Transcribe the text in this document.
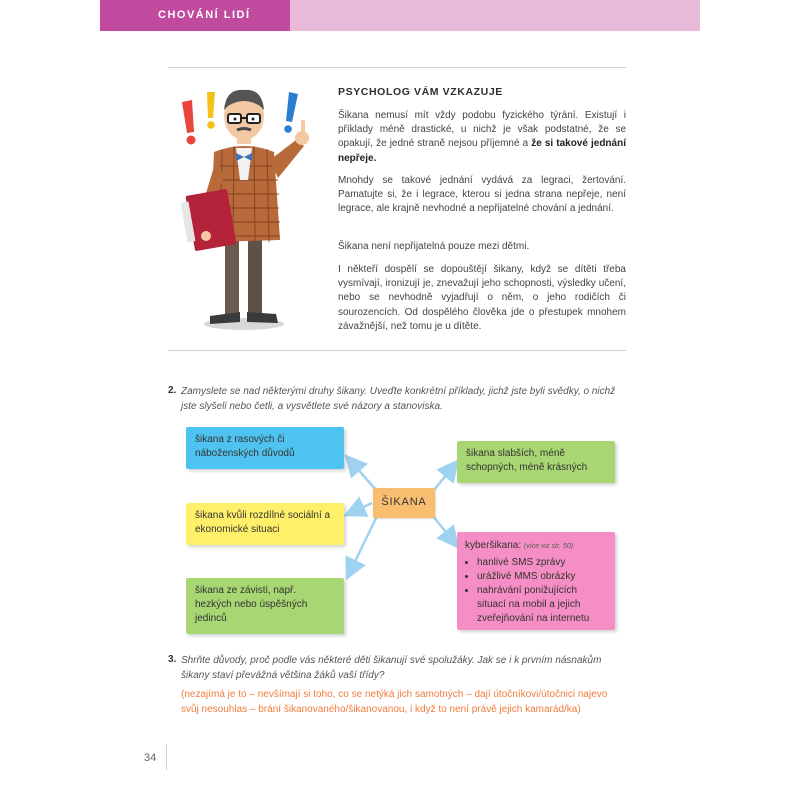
CHOVÁNÍ LIDÍ
PSYCHOLOG VÁM VZKAZUJE
Šikana nemusí mít vždy podobu fyzického týrání. Existují i příklady méně drastické, u nichž je však podstatné, že se opakují, že jedné straně nejsou příjemné a že si takové jednání nepřeje.
Mnohdy se takové jednání vydává za legraci, žertování. Pamatujte si, že i legrace, kterou si jedna strana nepřeje, není legrace, ale krajně nevhodné a nepřijatelné chování a jednání.
Šikana není nepřijatelná pouze mezi dětmi.
I někteří dospělí se dopouštějí šikany, když se dítěti třeba vysmívají, ironizují je, znevažují jeho schopnosti, výsledky učení, nebo se nevhodně vyjadřují o něm, o jeho rodičích či sourozencích. Od dospělého člověka jde o přestupek mnohem závažnější, než tomu je u dítěte.
2. Zamyslete se nad některými druhy šikany. Uveďte konkrétní příklady, jichž jste byli svědky, o nichž jste slyšeli nebo četli, a vysvětlete své názory a stanoviska.
šikana z rasových či náboženských důvodů	šikana slabších, méně schopných, méně krásných
ŠIKANA
šikana kvůli rozdílné sociální a ekonomické situaci
šikana ze závisti, např. hezkých nebo úspěšných jedinců
kyberšikana: (více viz str. 50)
• hanlivé SMS zprávy
• urážlivé MMS obrázky
• nahrávání ponižujících situací na mobil a jejich zveřejňování na internetu
3. Shrňte důvody, proč podle vás některé děti šikanují své spolužáky. Jak se i k prvním násnakům šikany staví převážná většina žáků vaší třídy?
(nezajímá je to – nevšímají si toho, co se netýká jich samotných – dají útočníkovi/útočnici najevo svůj nesouhlas – brání šikanovaného/šikanovanou, i když to není právě jejich kamarád/ka)
34
